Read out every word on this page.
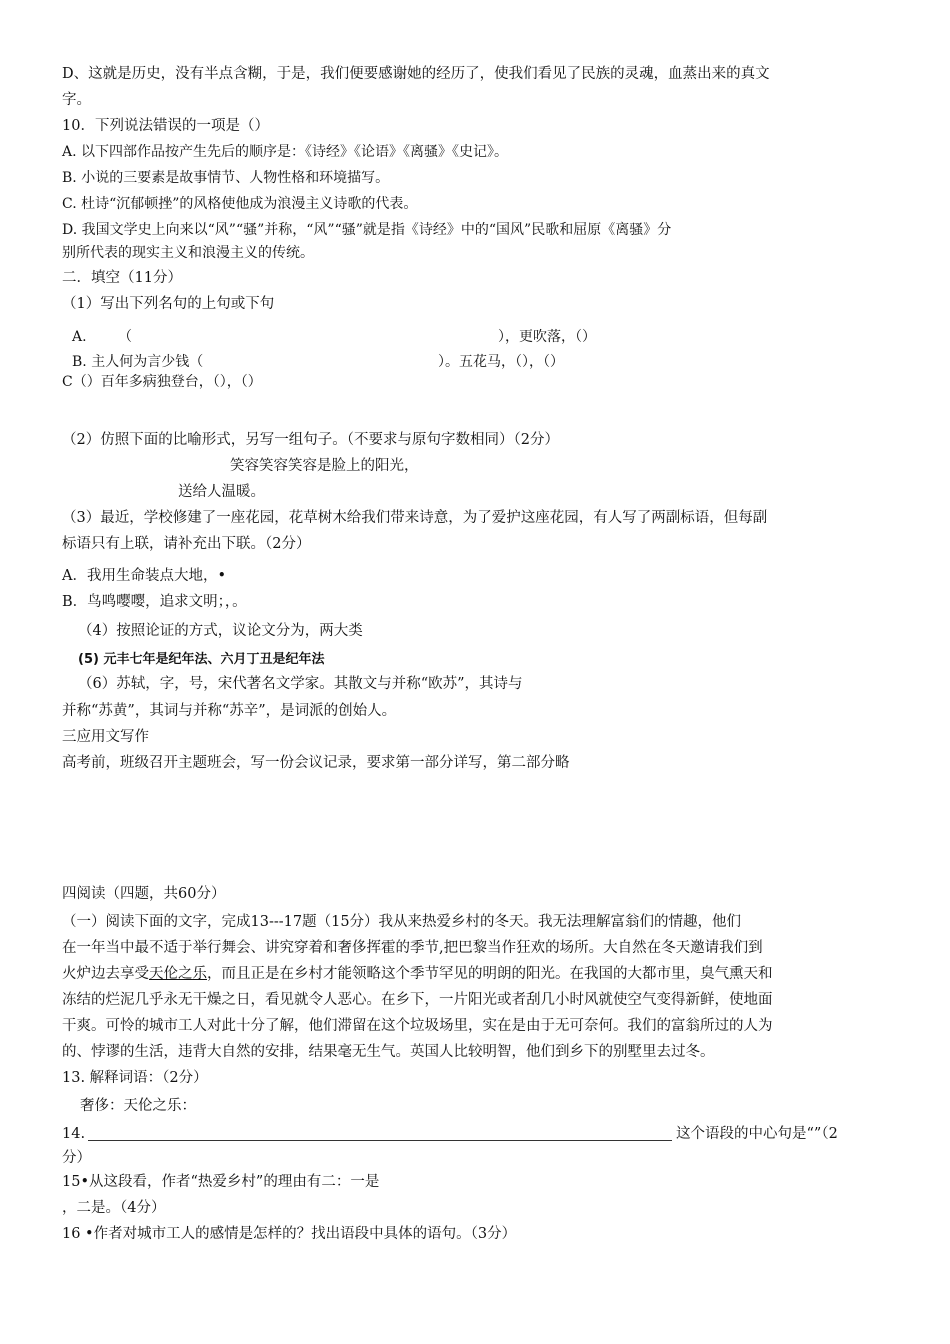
D、这就是历史，没有半点含糊，于是，我们便要感谢她的经历了，使我们看见了民族的灵魂，血蒸出来的真文
字。
10．下列说法错误的一项是（）
A. 以下四部作品按产生先后的顺序是：《诗经》《论语》《离骚》《史记》。
B. 小说的三要素是故事情节、人物性格和环境描写。
C. 杜诗“沉郁顿挫”的风格使他成为浪漫主义诗歌的代表。
D. 我国文学史上向来以“风”“骚”并称，“风”“骚”就是指《诗经》中的“国风”民歌和屈原《离骚》分
别所代表的现实主义和浪漫主义的传统。
二．填空（11分）
（1）写出下列名句的上句或下句
A. （	），更吹落，（）
B. 主人何为言少钱（	）。五花马，（），（）
C（）百年多病独登台，（），（）
（2）仿照下面的比喻形式，另写一组句子。（不要求与原句字数相同）（2分）
笑容笑容笑容是脸上的阳光，
送给人温暖。
（3）最近，学校修建了一座花园，花草树木给我们带来诗意，为了爱护这座花园，有人写了两副标语，但每副
标语只有上联，请补充出下联。（2分）
A．我用生命装点大地，•
B．鸟鸣嘤嘤，追求文明；，。
（4）按照论证的方式，议论文分为，两大类
(5) 元丰七年是纪年法、六月丁丑是纪年法
（6）苏轼，字，号，宋代著名文学家。其散文与并称“欧苏”，其诗与
并称“苏黄”，其词与并称“苏辛”，是词派的创始人。
三应用文写作
高考前，班级召开主题班会，写一份会议记录，要求第一部分详写，第二部分略
四阅读（四题，共60分）
（一）阅读下面的文字，完成13---17题（15分）我从来热爱乡村的冬天。我无法理解富翁们的情趣，他们
在一年当中最不适于举行舞会、讲究穿着和奢侈挥霍的季节,把巴黎当作狂欢的场所。大自然在冬天邀请我们到
火炉边去享受天伦之乐，而且正是在乡村才能领略这个季节罕见的明朗的阳光。在我国的大都市里，臭气熏天和
冻结的烂泥几乎永无干燥之日，看见就令人恶心。在乡下，一片阳光或者刮几小时风就使空气变得新鲜，使地面
干爽。可怜的城市工人对此十分了解，他们滞留在这个垃圾场里，实在是由于无可奈何。我们的富翁所过的人为
的、悖谬的生活，违背大自然的安排，结果毫无生气。英国人比较明智，他们到乡下的别墅里去过冬。
13. 解释词语：（2分）
奢侈：天伦之乐：
14.	这个语段的中心句是“”（2
分）
15•从这段看，作者“热爱乡村”的理由有二：一是
，二是。（4分）
16 •作者对城市工人的感情是怎样的？找出语段中具体的语句。（3分）
